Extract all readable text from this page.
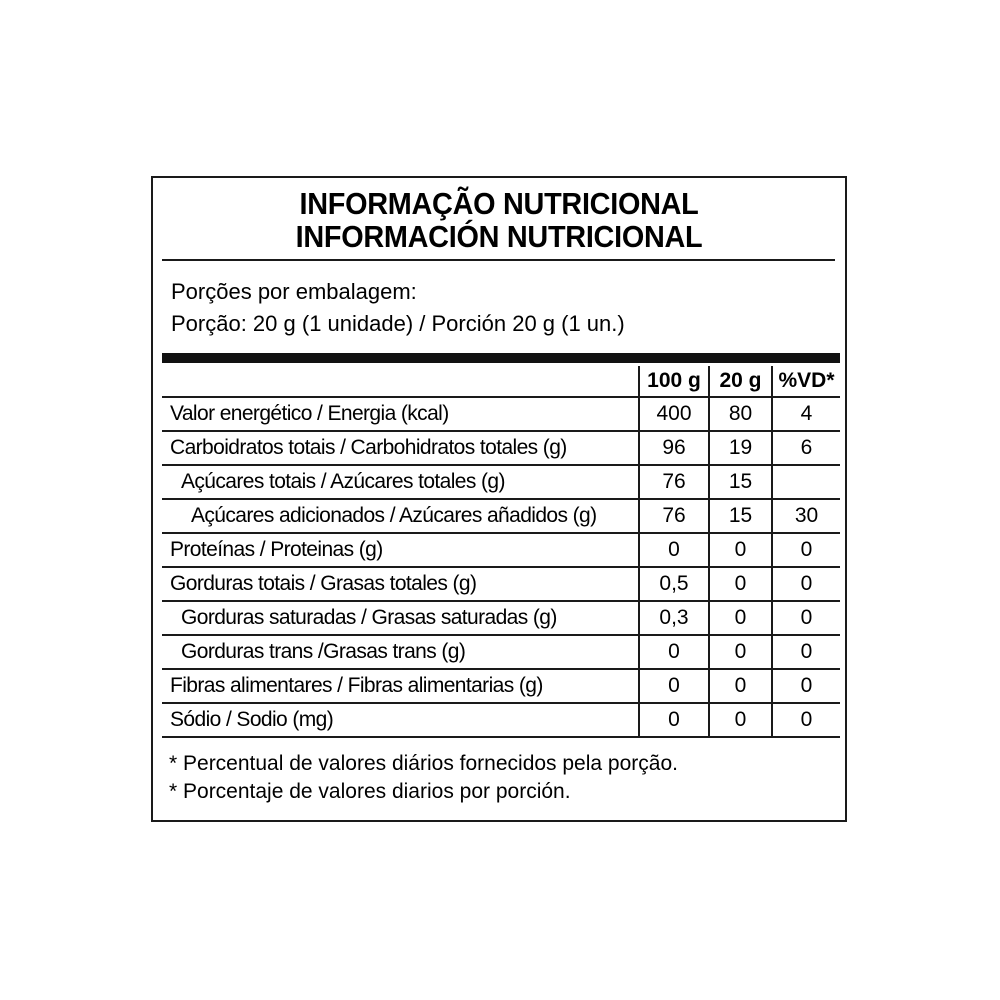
INFORMAÇÃO NUTRICIONAL
INFORMACIÓN NUTRICIONAL
Porções por embalagem:
Porção: 20 g (1 unidade) / Porción 20 g (1 un.)
	100 g	20 g	%VD*
Valor energético / Energia (kcal)	400	80	4
Carboidratos totais / Carbohidratos totales (g)	96	19	6
Açúcares totais / Azúcares totales (g)	76	15	
Açúcares adicionados / Azúcares añadidos (g)	76	15	30
Proteínas / Proteinas (g)	0	0	0
Gorduras totais / Grasas totales (g)	0,5	0	0
Gorduras saturadas / Grasas saturadas (g)	0,3	0	0
Gorduras trans /Grasas trans (g)	0	0	0
Fibras alimentares / Fibras alimentarias (g)	0	0	0
Sódio / Sodio (mg)	0	0	0
* Percentual de valores diários fornecidos pela porção.
* Porcentaje de valores diarios por porción.
